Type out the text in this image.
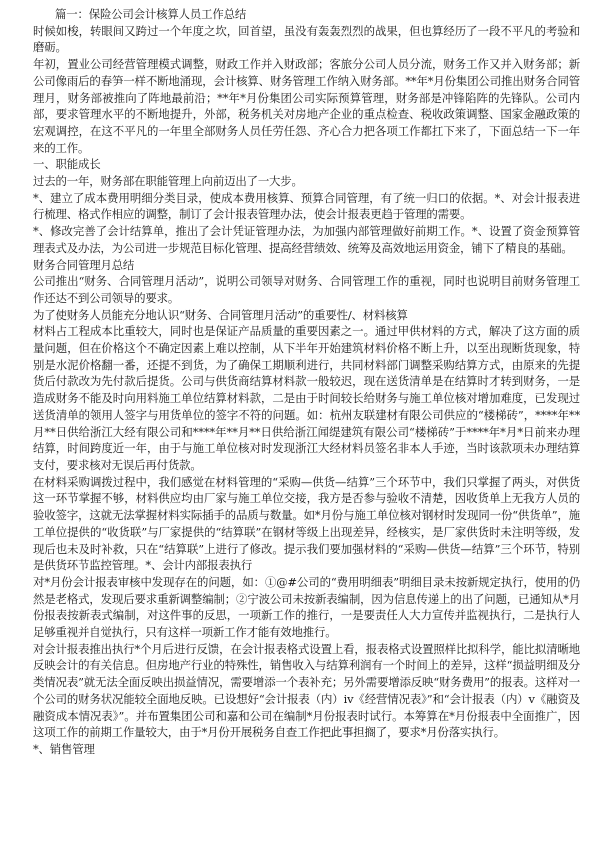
篇一：保险公司会计核算人员工作总结

时候如梭，转眼间又跨过一个年度之坎，回首望，虽没有轰轰烈烈的战果，但也算经历了一段不平凡的考验和磨砺。

年初，置业公司经营管理模式调整，财政工作并入财政部；客旅分公司人员分流，财务工作又并入财务部；新公司像雨后的春笋一样不断地涌现，会计核算、财务管理工作纳入财务部。**年*月份集团公司推出财务合同管理月，财务部被推向了阵地最前沿；**年*月份集团公司实际预算管理，财务部是冲锋陷阵的先锋队。公司内部，要求管理水平的不断地提升，外部，税务机关对房地产企业的重点检查、税收政策调整、国家金融政策的宏观调控，在这不平凡的一年里全部财务人员任劳任怨、齐心合力把各项工作都扛下来了，下面总结一下一年来的工作。

一、职能成长

过去的一年，财务部在职能管理上向前迈出了一大步。

*、建立了成本费用明细分类目录，使成本费用核算、预算合同管理，有了统一归口的依据。*、对会计报表进行梳理、格式作相应的调整，制订了会计报表管理办法，使会计报表更趋于管理的需要。

*、修改完善了会计结算单，推出了会计凭证管理办法，为加强内部管理做好前期工作。*、设置了资金预算管理表式及办法，为公司进一步规范目标化管理、提高经营绩效、统筹及高效地运用资金，铺下了精良的基础。

财务合同管理月总结

公司推出“财务、合同管理月活动”，说明公司领导对财务、合同管理工作的重视，同时也说明目前财务管理工作还达不到公司领导的要求。

为了使财务人员能充分地认识“财务、合同管理月活动”的重要性/、材料核算

材料占工程成本比重较大，同时也是保证产品质量的重要因素之一。通过甲供材料的方式，解决了这方面的质量问题，但在价格这个不确定因素上难以控制，从下半年开始建筑材料价格不断上升，以至出现断货现象，特别是水泥价格翻一番，还提不到货，为了确保工期顺利进行，共同材料部门调整采购结算方式，由原来的先提货后付款改为先付款后提货。公司与供货商结算材料款一般较迟，现在送货清单是在结算时才转到财务，一是造成财务不能及时向用料施工单位结算材料款，二是由于时间较长给财务与施工单位核对增加难度，已发现过送货清单的领用人签字与用货单位的签字不符的问题。如：杭州友联建材有限公司供应的“楼梯砖”，****年**月**日供给浙江大经有限公司和****年**月**日供给浙江闻缇建筑有限公司“楼梯砖”于****年*月*日前来办理结算，时间跨度近一年，由于与施工单位核对时发现浙江大经材料员签名非本人手迹，当时该款项未办理结算支付，要求核对无误后再付货款。

在材料采购调拨过程中，我们感觉在材料管理的“采购—供货—结算”三个环节中，我们只掌握了两头，对供货这一环节掌握不够，材料供应均由厂家与施工单位交接，我方是否参与验收不清楚，因收货单上无我方人员的验收签字，这就无法掌握材料实际插手的品质与数量。如*月份与施工单位核对钢材时发现同一份“供货单”，施工单位提供的“收货联”与厂家提供的“结算联”在钢材等级上出现差异，经核实，是厂家供货时未注明等级，发现后也未及时补救，只在“结算联”上进行了修改。提示我们要加强材料的“采购—供货—结算”三个环节，特别是供货环节监控管理。*、会计内部报表执行

对*月份会计报表审核中发现存在的问题，如：①@#公司的“费用明细表”明细目录未按新规定执行，使用的仍然是老格式，发现后要求重新调整编制；②宁波公司未按新表编制，因为信息传递上的出了问题，已通知从*月份报表按新表式编制，对这件事的反思，一项新工作的推行，一是要责任人大力宣传并监视执行，二是执行人足够重视并自觉执行，只有这样一项新工作才能有效地推行。

对会计报表推出执行*个月后进行反馈，在会计报表格式设置上看，报表格式设置照样比拟科学，能比拟清晰地反映会计的有关信息。但房地产行业的特殊性，销售收入与结算利润有一个时间上的差异，这样“损益明细及分类情况表”就无法全面反映出损益情况，需要增添一个表补充；另外需要增添反映“财务费用”的报表。这样对一个公司的财务状况能较全面地反映。已设想好“会计报表（内）iv《经营情况表》”和“会计报表（内）v《融资及融资成本情况表》”。并布置集团公司和嘉和公司在编制*月份报表时试行。本筹算在*月份报表中全面推广，因这项工作的前期工作量较大，由于*月份开展税务自查工作把此事担搁了，要求*月份落实执行。

*、销售管理
